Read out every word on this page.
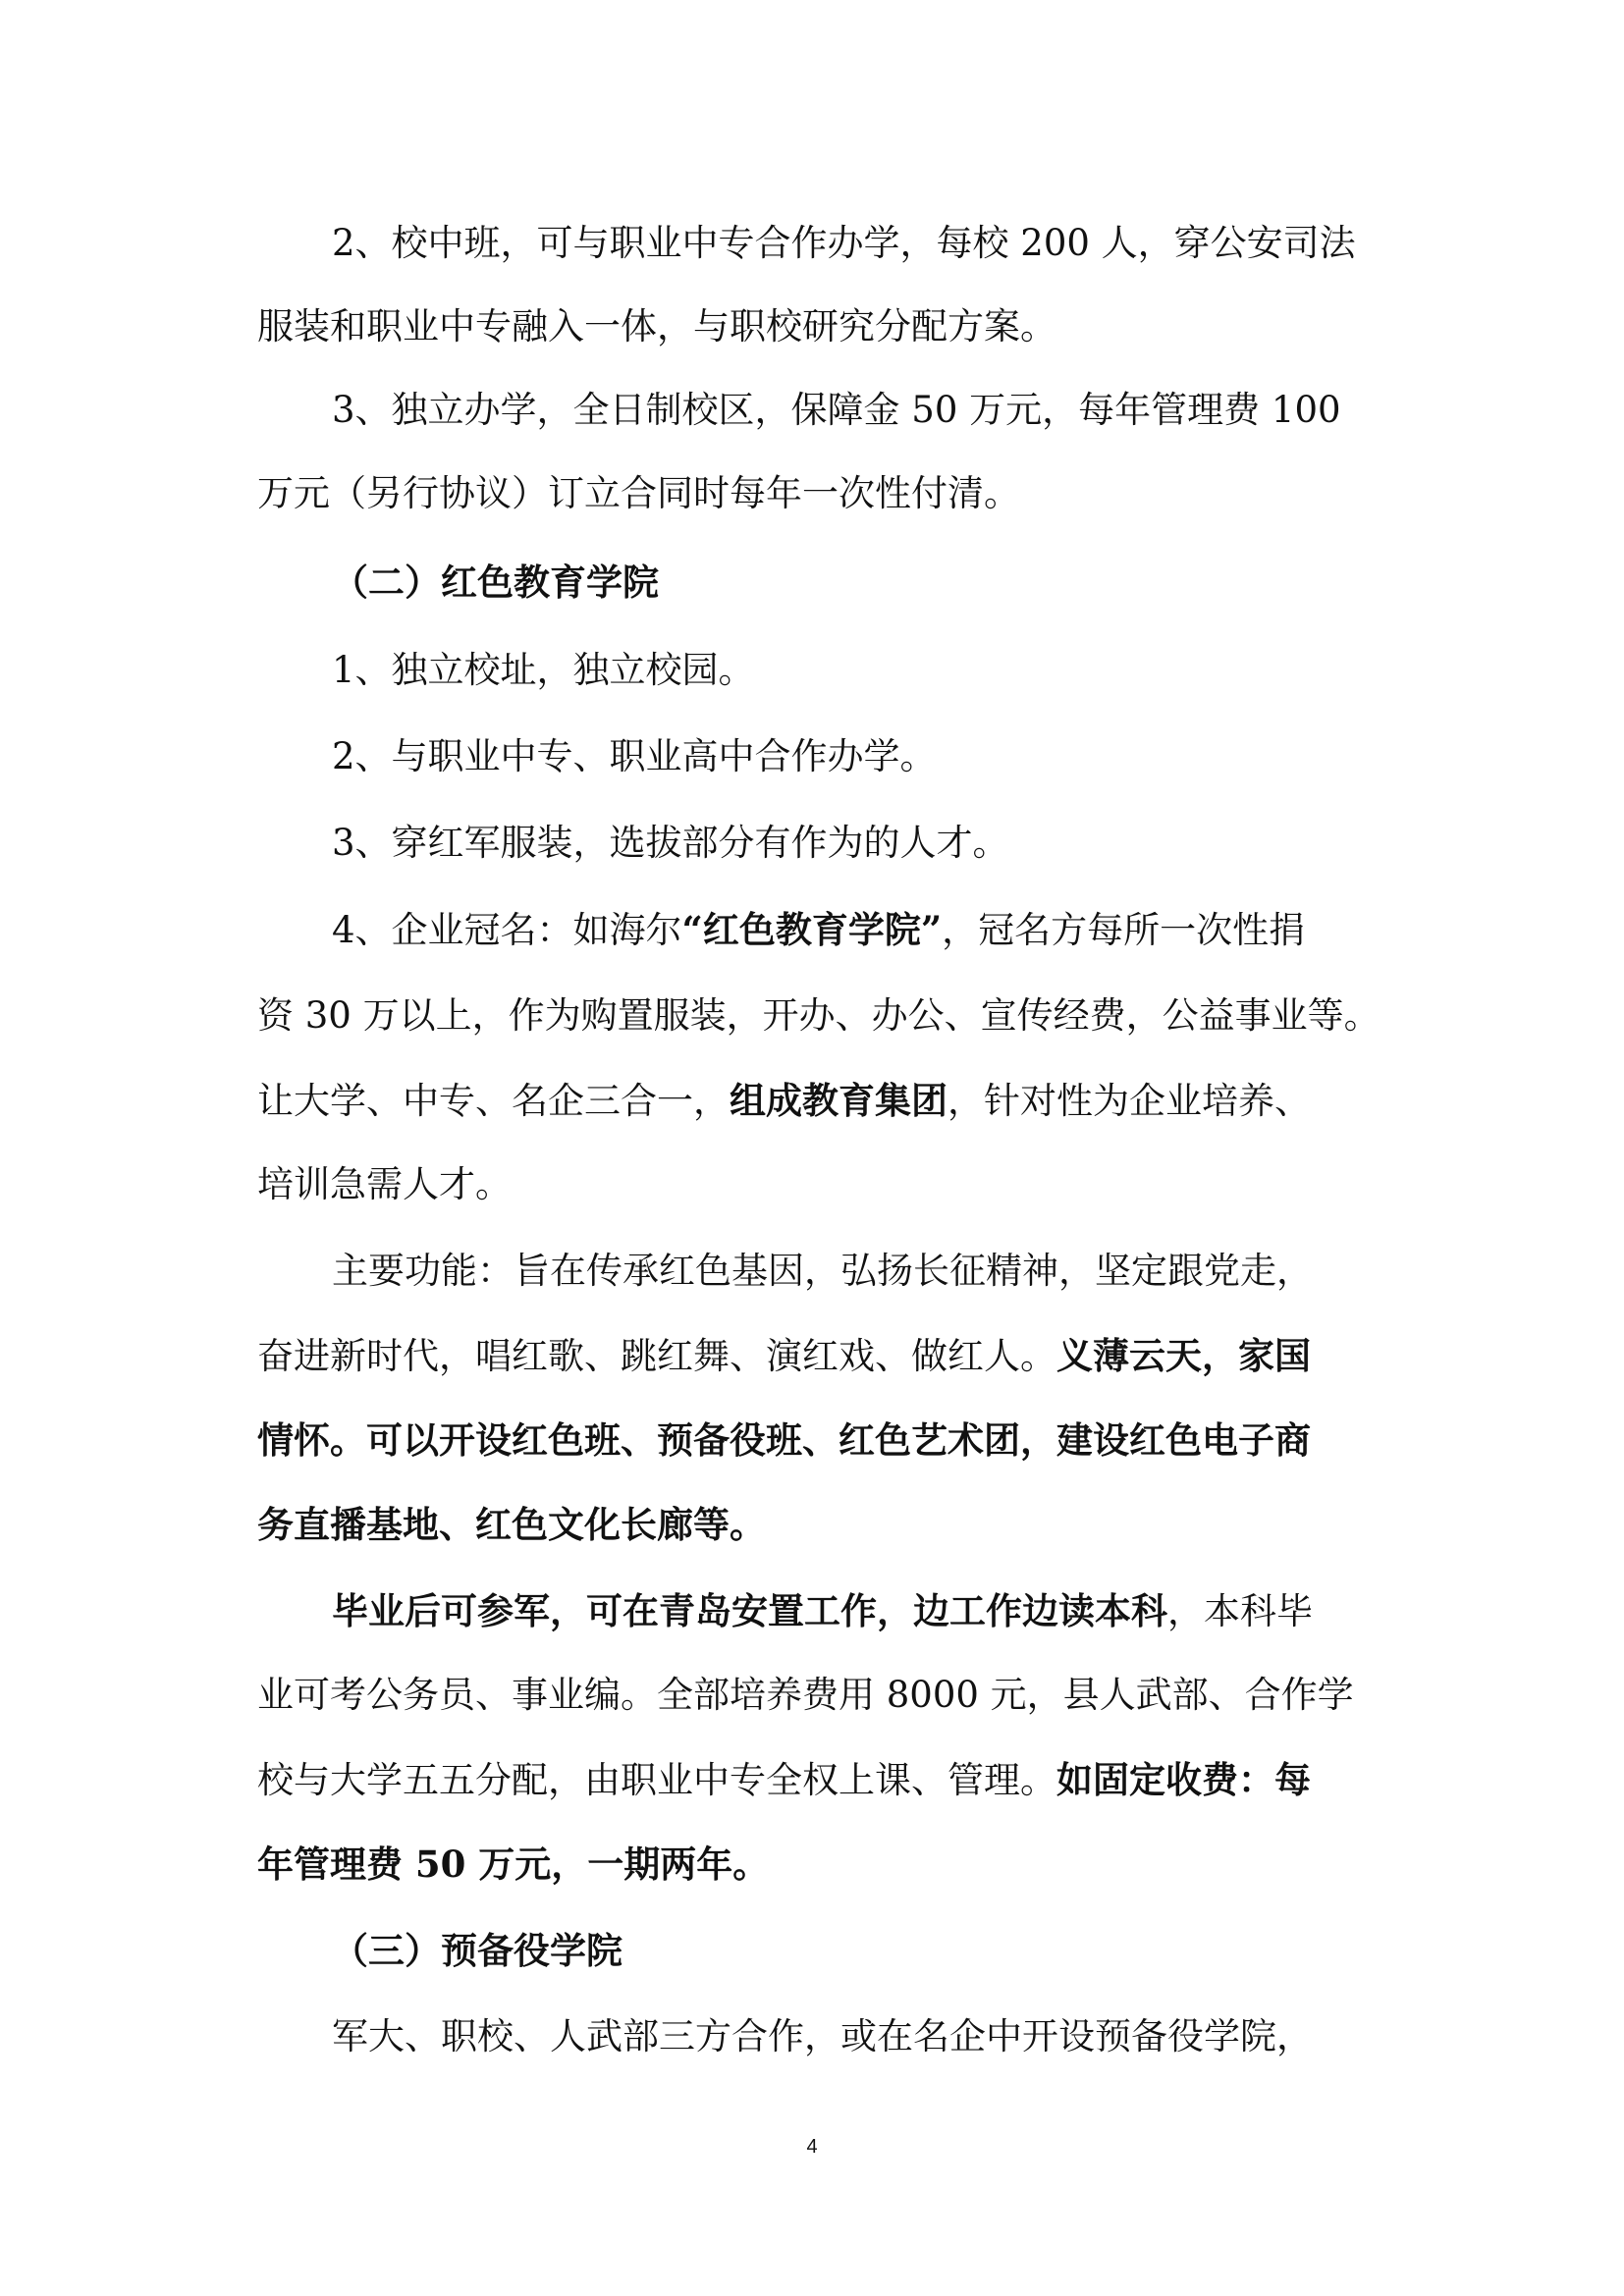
2、校中班，可与职业中专合作办学，每校 200 人，穿公安司法
服装和职业中专融入一体，与职校研究分配方案。
3、独立办学，全日制校区，保障金 50 万元，每年管理费 100
万元（另行协议）订立合同时每年一次性付清。
（二）红色教育学院
1、独立校址，独立校园。
2、与职业中专、职业高中合作办学。
3、穿红军服装，选拔部分有作为的人才。
4、企业冠名：如海尔“红色教育学院”，冠名方每所一次性捐
资 30 万以上，作为购置服装，开办、办公、宣传经费，公益事业等。
让大学、中专、名企三合一，组成教育集团，针对性为企业培养、
培训急需人才。
主要功能：旨在传承红色基因，弘扬长征精神，坚定跟党走，
奋进新时代，唱红歌、跳红舞、演红戏、做红人。义薄云天，家国
情怀。可以开设红色班、预备役班、红色艺术团，建设红色电子商
务直播基地、红色文化长廊等。
毕业后可参军，可在青岛安置工作，边工作边读本科，本科毕
业可考公务员、事业编。全部培养费用 8000 元，县人武部、合作学
校与大学五五分配，由职业中专全权上课、管理。如固定收费：每
年管理费 50 万元，一期两年。
（三）预备役学院
军大、职校、人武部三方合作，或在名企中开设预备役学院，
4
